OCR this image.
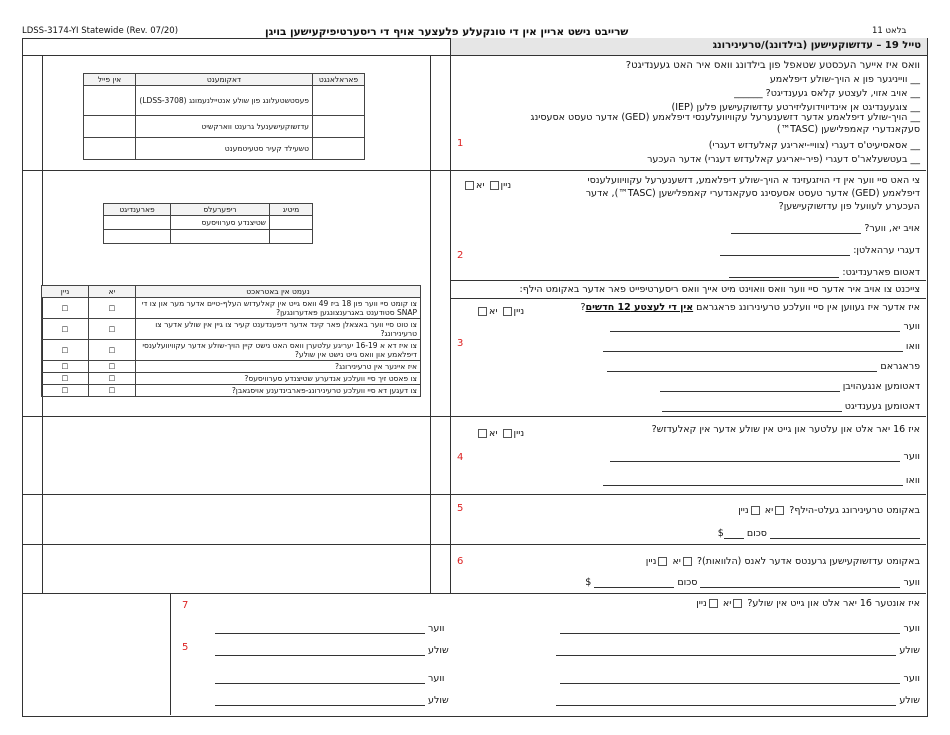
LDSS-3174-YI Statewide (Rev. 07/20)	שרייבט נישט אריין אין די טונקעלע פלעצער אויף די ריסערטיפיקעישען בויגן	בלאט 11
טייל 19 – עדזשוקעישען (בילדונג)/טרעינירונג
וואס איז אייער העכסטע שטאפל פון בילדונג וואס איר האט געענדיגט?
__ ווייניגער פון א הויך-שולע דיפלאמע
__ אויב אזוי, לעצטע קלאס געענדיגט? ______
__ צוגעענדיגט אן אינדיווידועליזירטע עדזשוקעישען פלען (IEP)
__ הויך-שולע דיפלאמע אדער דזשענערעל עקוויוועלענסי דיפלאמע (GED) אדער טעסט אסעסינג סעקאנדערי קאמפלישען (TASC™)
__ אסאסיעיט'ס דעגרי (צוויי-יאריגע קאלעדזש דעגרי)
__ בעטשעלאר'ס דעגרי (פיר-יאריגע קאלעדזש דעגרי) אדער העכער
1
צי האט סיי ווער אין די הויזגעזינד א הויך-שולע דיפלאמע, דזשענערעל עקוויוועלענסי דיפלאמע (GED) אדער טעסט אסעסינג סעקאנדערי קאמפלישען (TASC™), אדער העכערע לעוועל פון עדזשוקעישען?
ניין יא
אויב יא, ווער?
דעגרי ערהאלטן:
דאטום פארענדיגט:
2
צייכנט צו אויב איר אדער סיי ווער וואס וואוינט מיט אייך וואס ריסערטיפייט פאר אדער באקומט הילף:
איז אדער איז געווען אין סיי וועלכע טרעינירונג פראגראם אין די לעצטע 12 חדשים?
ניין יא
ווער
וואו
פראגראם
דאטומען אנגעהויבן
דאטומען געענדיגט
3
איז 16 יאר אלט און עלטער און גייט אין שולע אדער אין קאלעדזש?
ניין יא
ווער
וואו
4
באקומט טרעינירונג געלט-הילף? יא ניין
סכום $
5
באקומט עדזשוקעישען גרענטס אדער לאנס (הלוואות)? יא ניין
ווער  סכום  $
6
איז אונטער 16 יאר אלט און גייט אין שולע? יא ניין
7
5
ווער
שולע
ווער
שולע
ווער
שולע
ווער
שולע
אין פייל	דאקומענט	פאראלאנגט
	פעסטשטעלונג פון שולע אנטיילנעמונג (LDSS-3708)	
	עדזשוקעישענעל גרענט ווארקשיט	
	טשעילד קעיר סטעיטמענט	
פארענדיגט	ריפערעלס	מיטיג
	שטיצנדע סערוויסעס	

ניין	יא	נעמט אין באטראכט
☐	☐	צו קומט סיי ווער פון 18 ביז 49 וואס גייט אין קאלעדזש העלף-טיים אדער מער און צו די SNAP סטודענט באגרענצונגען פאדערונגען?
☐	☐	צו טוט סיי ווער באצאלן פאר קינד אדער דיפענדענט קעיר צו גיין אין שולע אדער צו טרעינירונג?
☐	☐	צו איז דא א 16-19 יעריגע עלטערן וואס האט נישט קיין הויך-שולע אדער עקוויוועלענסי דיפלאמע און וואס גייט נישט אין שולע?
☐	☐	איז איינער אין טרעינירונג?
☐	☐	צו פאסט זיך סיי וועלכע אנדערע שטיצנדע סערוויסעס?
☐	☐	צו דעגען דא סיי וועלכע טרעינירונג-פארבינדענע אויסגאבן?
